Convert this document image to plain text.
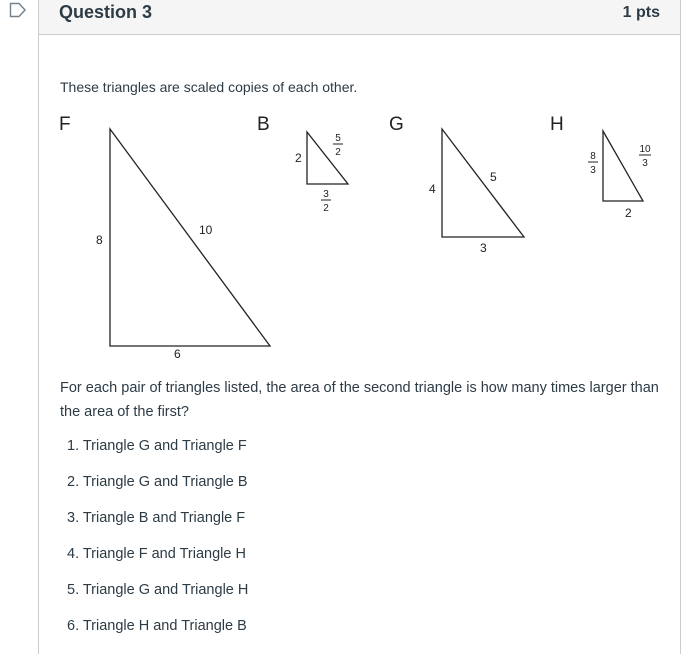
Question 3	1 pts
These triangles are scaled copies of each other.
F	B	G	H
8
10
6
2
5
2
3
2
4
5
3
8
3
10
3
2
For each pair of triangles listed, the area of the second triangle is how many times larger than the area of the first?
1. Triangle G and Triangle F
2. Triangle G and Triangle B
3. Triangle B and Triangle F
4. Triangle F and Triangle H
5. Triangle G and Triangle H
6. Triangle H and Triangle B
